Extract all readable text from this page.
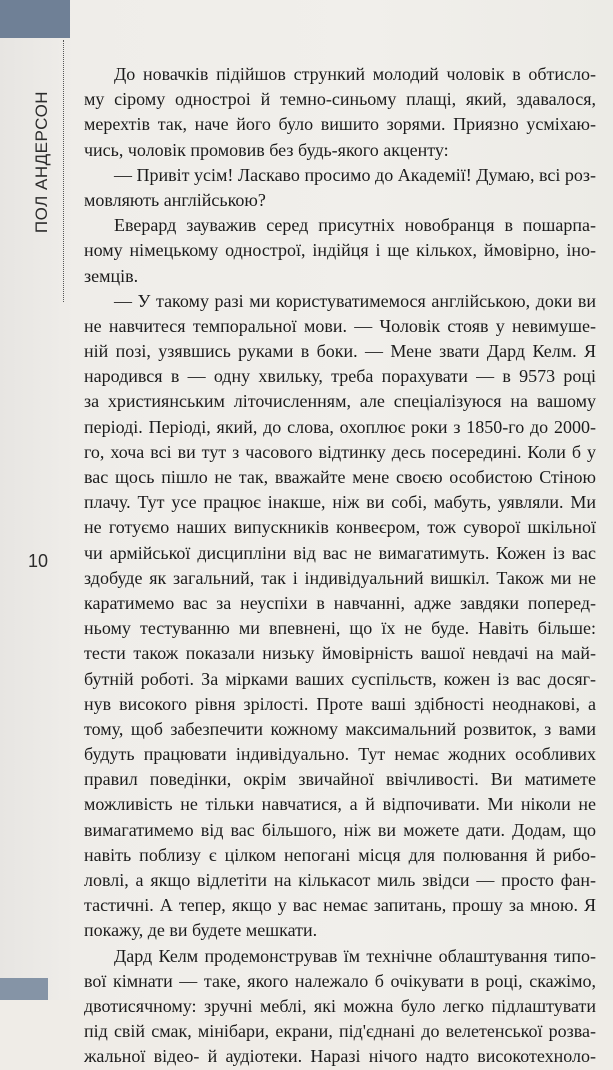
ПОЛ АНДЕРСОН
10
До новачків підійшов стрункий молодий чоловік в обтисло-
му сірому одностроі й темно-синьому плащі, який, здавалося,
мерехтів так, наче його було вишито зорями. Приязно усміхаю-
чись, чоловік промовив без будь-якого акценту:
— Привіт усім! Ласкаво просимо до Академії! Думаю, всі роз-
мовляють англійською?
Еверард зауважив серед присутніх новобранця в пошарпа-
ному німецькому однострої, індійця і ще кількох, ймовірно, іно-
земців.
— У такому разі ми користуватимемося англійською, доки ви
не навчитеся темпоральної мови. — Чоловік стояв у невимуше-
ній позі, узявшись руками в боки. — Мене звати Дард Келм. Я
народився в — одну хвильку, треба порахувати — в 9573 році
за християнським літочисленням, але спеціалізуюся на вашому
періоді. Періоді, який, до слова, охоплює роки з 1850-го до 2000-
го, хоча всі ви тут з часового відтинку десь посередині. Коли б у
вас щось пішло не так, вважайте мене своєю особистою Стіною
плачу. Тут усе працює інакше, ніж ви собі, мабуть, уявляли. Ми
не готуємо наших випускників конвеєром, тож суворої шкільної
чи армійської дисципліни від вас не вимагатимуть. Кожен із вас
здобуде як загальний, так і індивідуальний вишкіл. Також ми не
каратимемо вас за неуспіхи в навчанні, адже завдяки поперед-
ньому тестуванню ми впевнені, що їх не буде. Навіть більше:
тести також показали низьку ймовірність вашої невдачі на май-
бутній роботі. За мірками ваших суспільств, кожен із вас досяг-
нув високого рівня зрілості. Проте ваші здібності неоднакові, а
тому, щоб забезпечити кожному максимальний розвиток, з вами
будуть працювати індивідуально. Тут немає жодних особливих
правил поведінки, окрім звичайної ввічливості. Ви матимете
можливість не тільки навчатися, а й відпочивати. Ми ніколи не
вимагатимемо від вас більшого, ніж ви можете дати. Додам, що
навіть поблизу є цілком непогані місця для полювання й рибо-
ловлі, а якщо відлетіти на кількасот миль звідси — просто фан-
тастичні. А тепер, якщо у вас немає запитань, прошу за мною. Я
покажу, де ви будете мешкати.
Дард Келм продемонстрував їм технічне облаштування типо-
вої кімнати — таке, якого належало б очікувати в році, скажімо,
двотисячному: зручні меблі, які можна було легко підлаштувати
під свій смак, мінібари, екрани, під'єднані до велетенської розва-
жальної відео- й аудіотеки. Наразі нічого надто високотехноло-
